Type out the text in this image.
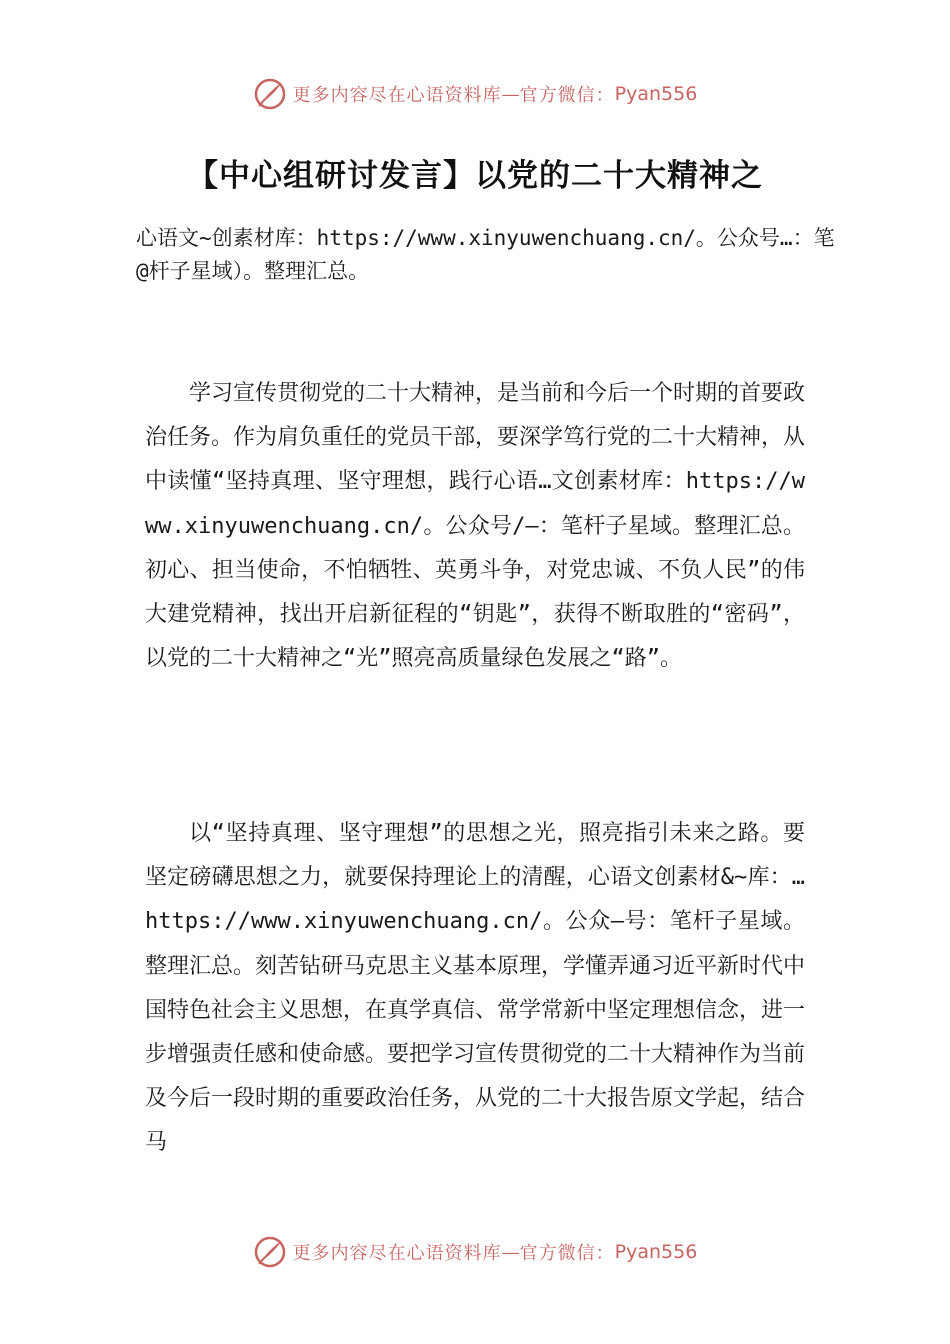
更多内容尽在心语资料库 — 官方微信： Pyan556
【中心组研讨发言】以党的二十大精神之
心语文~创素材库：https://www.xinyuwenchuang.cn/。公众号…：笔@杆子星域）。整理汇总。
学习宣传贯彻党的二十大精神，是当前和今后一个时期的首要政治任务。作为肩负重任的党员干部，要深学笃行党的二十大精神，从中读懂“坚持真理、坚守理想，践行心语…文创素材库：https://www.xinyuwenchuang.cn/。公众号/—：笔杆子星域。整理汇总。初心、担当使命，不怕牺牲、英勇斗争，对党忠诚、不负人民”的伟大建党精神，找出开启新征程的“钥匙”，获得不断取胜的“密码”，以党的二十大精神之“光”照亮高质量绿色发展之“路”。
以“坚持真理、坚守理想”的思想之光，照亮指引未来之路。要坚定磅礴思想之力，就要保持理论上的清醒，心语文创素材&~库：…https://www.xinyuwenchuang.cn/。公众—号：笔杆子星域。整理汇总。刻苦钻研马克思主义基本原理，学懂弄通习近平新时代中国特色社会主义思想，在真学真信、常学常新中坚定理想信念，进一步增强责任感和使命感。要把学习宣传贯彻党的二十大精神作为当前及今后一段时期的重要政治任务，从党的二十大报告原文学起，结合马
更多内容尽在心语资料库 — 官方微信： Pyan556
